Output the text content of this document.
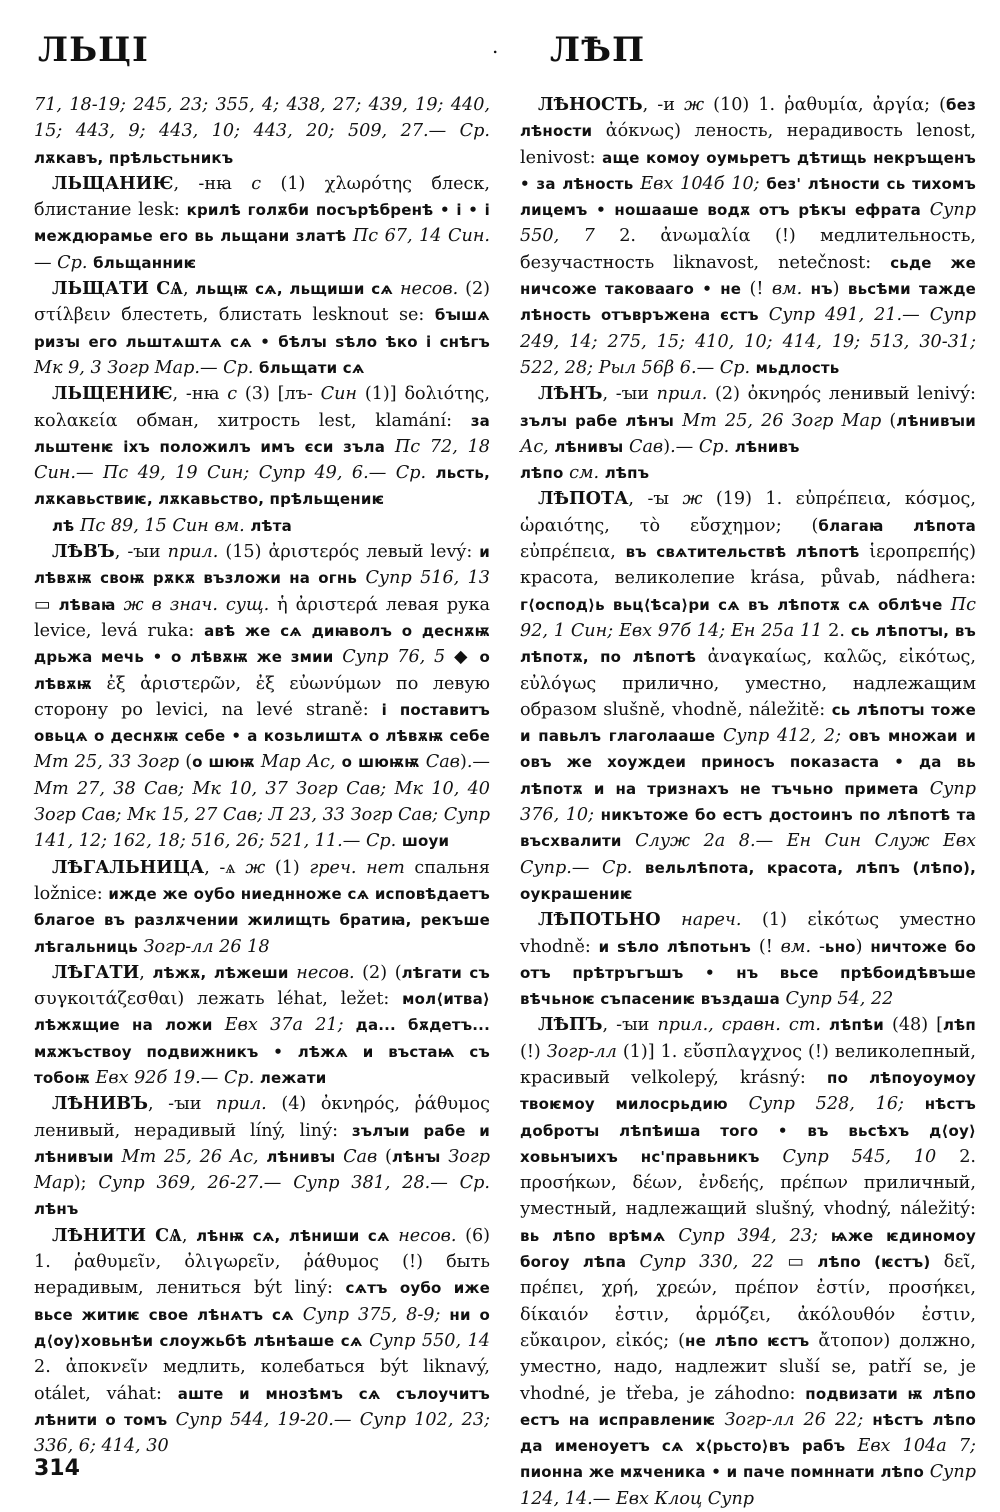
ЛЬЦІ	. ЛѢП

71, 18-19; 245, 23; 355, 4; 438, 27; 439, 19; 440, 15; 443, 9; 443, 10; 443, 20; 509, 27.— Ср. лѫкавъ, прѣльстьникъ

ЛЬЩАНИѤ, -нꙗ с (1) χλωρότης блеск, блистание lesk: крилѣ голѫби посърѣбренѣ • і • і междюрамье его вь льщани златѣ Пс 67, 14 Син.— Ср. бльщанниѥ

ЛЬЩАТИ СѦ, льщѭ сѧ, льщиши сѧ несов. (2) στίλβειν блестеть, блистать lesknout se: бꙑшѧ ризꙑ его льштѧштѧ сѧ • бѣлꙑ ѕѣло ѣко і снѣгъ Мк 9, 3 Зогр Мар.— Ср. бльщати сѧ

ЛЬЩЕНИѤ, -нꙗ с (3) [лъ- Син (1)] δολιότης, κολακεία обман, хитрость lest, klamání: за льштенѥ іхъ положилъ имъ єси зъла Пс 72, 18 Син.— Пс 49, 19 Син; Супр 49, 6.— Ср. льсть, лѫкавьствиѥ, лѫкавьство, прѣльщениѥ

лѣ Пс 89, 15 Син вм. лѣта

ЛѢВЪ, -ꙑи прил. (15) ἀριστερός левый levý: и лѣвѫѭ своѭ рѫкѫ възложи на огнь Супр 516, 13 ▭ лѣваꙗ ж в знач. сущ. ἡ ἀριστερά левая рука levice, levá ruka: авѣ же сѧ диꙗволъ о деснѫѭ дрьжа мечь • о лѣвѫѭ же змии Супр 76, 5 ◆ о лѣвѫѭ ἐξ ἀριστερῶν, ἐξ εὐωνύμων по левую сторону po levici, na levé straně: і поставитъ овьцѧ о деснѫѭ себе • а козьлиштѧ о лѣвѫѭ себе Мт 25, 33 Зогр (о шюѭ Мар Ас, о шюѭѭ Сав).— Мт 27, 38 Сав; Мк 10, 37 Зогр Сав; Мк 10, 40 Зогр Сав; Мк 15, 27 Сав; Л 23, 33 Зогр Сав; Супр 141, 12; 162, 18; 516, 26; 521, 11.— Ср. шоуи

ЛѢГАЛЬНИЦА, -ѧ ж (1) греч. нет спальня ložnice: ижде же оубо ниеднноже сѧ исповѣдаетъ благое въ разлѫчении жилищть братиꙗ, рекъше лѣгальниць Зогр-лл 26 18

ЛѢГАТИ, лѣжѫ, лѣжеши несов. (2) (лѣгати съ συγκοιτάζεσθαι) лежать léhat, ležet: мол⟨итва⟩ лѣжѫщие на ложи Евх 37а 21; да... бѫдетъ... мѫжъствоу подвижникъ • лѣжѧ и въстаѩ съ тобоѭ Евх 92б 19.— Ср. лежати

ЛѢНИВЪ, -ꙑи прил. (4) ὀκνηρός, ῥάθυμος ленивый, нерадивый líný, liný: зълꙑи рабе и лѣнивꙑи Мт 25, 26 Ас, лѣнивꙑ Сав (лѣнꙑ Зогр Мар); Супр 369, 26-27.— Супр 381, 28.— Ср. лѣнъ

ЛѢНИТИ СѦ, лѣнѭ сѧ, лѣниши сѧ несов. (6) 1. ῥαθυμεῖν, ὀλιγωρεῖν, ῥάθυμος (!) быть нерадивым, лениться být liný: сѧтъ оубо иже вьсе житиѥ свое лѣнѧтъ сѧ Супр 375, 8-9; ни о д⟨оу⟩ховьнѣи слоужьбѣ лѣнѣаше сѧ Супр 550, 14 2. ἀποκνεῖν медлить, колебаться být liknavý, otálet, váhat: аште и мнозѣмъ сѧ сълоучитъ лѣнити о томъ Супр 544, 19-20.— Супр 102, 23; 336, 6; 414, 30

ЛѢНОСТЬ, -и ж (10) 1. ῥαθυμία, ἀργία; (без лѣности ἀόκνως) леность, нерадивость lenost, lenivost: аще комоу оумьретъ дѣтищь некръщенъ • за лѣность Евх 104б 10; без' лѣности сь тихомъ лицемъ • ношааше водѫ отъ рѣкꙑ ефрата Супр 550, 7 2. ἀνωμαλία (!) медлительность, безучастность liknavost, netečnost: сьде же ничсоже таковааго • не (! вм. нъ) вьсѣми тажде лѣность отъвръжена єстъ Супр 491, 21.— Супр 249, 14; 275, 15; 410, 10; 414, 19; 513, 30-31; 522, 28; Рыл 56β 6.— Ср. мьдлость

ЛѢНЪ, -ꙑи прил. (2) ὀκνηρός ленивый lenivý: зълꙑ рабе лѣнꙑ Мт 25, 26 Зогр Мар (лѣнивꙑи Ас, лѣнивꙑ Сав).— Ср. лѣнивъ

лѣпо см. лѣпъ

ЛѢПОТА, -ꙑ ж (19) 1. εὐπρέπεια, κόσμος, ὡραιότης, τὸ εὔσχημον; (благаꙗ лѣпота εὐπρέπεια, въ свѧтительствѣ лѣпотѣ ἱεροπρεπής) красота, великолепие krása, půvab, nádhera: г⟨оспод⟩ь вьц⟨ѣса⟩ри сѧ въ лѣпотѫ сѧ облѣче Пс 92, 1 Син; Евх 97б 14; Ен 25а 11 2. сь лѣпотꙑ, въ лѣпотѫ, по лѣпотѣ ἀναγκαίως, καλῶς, εἰκότως, εὐλόγως прилично, уместно, надлежащим образом slušně, vhodně, náležitě: сь лѣпотꙑ тоже и павьлъ глаголааше Супр 412, 2; овъ множаи и овъ же хоуждеи приносъ показаста • да вь лѣпотѫ и на тризнахъ не тъчьно примета Супр 376, 10; никътоже бо естъ достоинъ по лѣпотѣ та въсхвалити Служ 2а 8.— Ен Син Служ Евх Супр.— Ср. вельлѣпота, красота, лѣпъ (лѣпо), оукрашениѥ

ЛѢПОТЬНО нареч. (1) εἰκότως уместно vhodně: и ѕѣло лѣпотьнъ (! вм. -ьно) ничтоже бо отъ прѣтръгъшъ • нъ вьсе прѣбоидѣвъше вѣчьноѥ съпасениѥ въздаша Супр 54, 22

ЛѢПЪ, -ꙑи прил., сравн. ст. лѣпѣи (48) [лѣп (!) Зогр-лл (1)] 1. εὔσπλαγχνος (!) великолепный, красивый velkolepý, krásný: по лѣпоуоумоу твоѥмоу милосрьдию Супр 528, 16; нѣстъ добротꙑ лѣпѣиша того • въ вьсѣхъ д⟨оу⟩ховьнꙑихъ нс'правьникъ Супр 545, 10 2. προσήκων, δέων, ἐνδεής, πρέπων приличный, уместный, надлежащий slušný, vhodný, náležitý: вь лѣпо врѣмѧ Супр 394, 23; ѩже ѥдиномоу богоу лѣпа Супр 330, 22 ▭ лѣпо (ѥстъ) δεῖ, πρέπει, χρή, χρεών, πρέπον ἐστίν, προσήκει, δίκαιόν ἐστιν, ἁρμόζει, ἀκόλουθόν ἐστιν, εὔκαιρον, εἰκός; (не лѣпо ѥстъ ἄτοπον) должно, уместно, надо, надлежит sluší se, patří se, je vhodné, je třeba, je záhodno: подвизати ѭ лѣпо естъ на исправлениѥ Зогр-лл 26 22; нѣстъ лѣпо да именоуетъ сѧ х⟨рьсто⟩въ рабъ Евх 104а 7; пионна же мѫченика • и паче помннати лѣпо Супр 124, 14.— Евх Клоц Супр

314
